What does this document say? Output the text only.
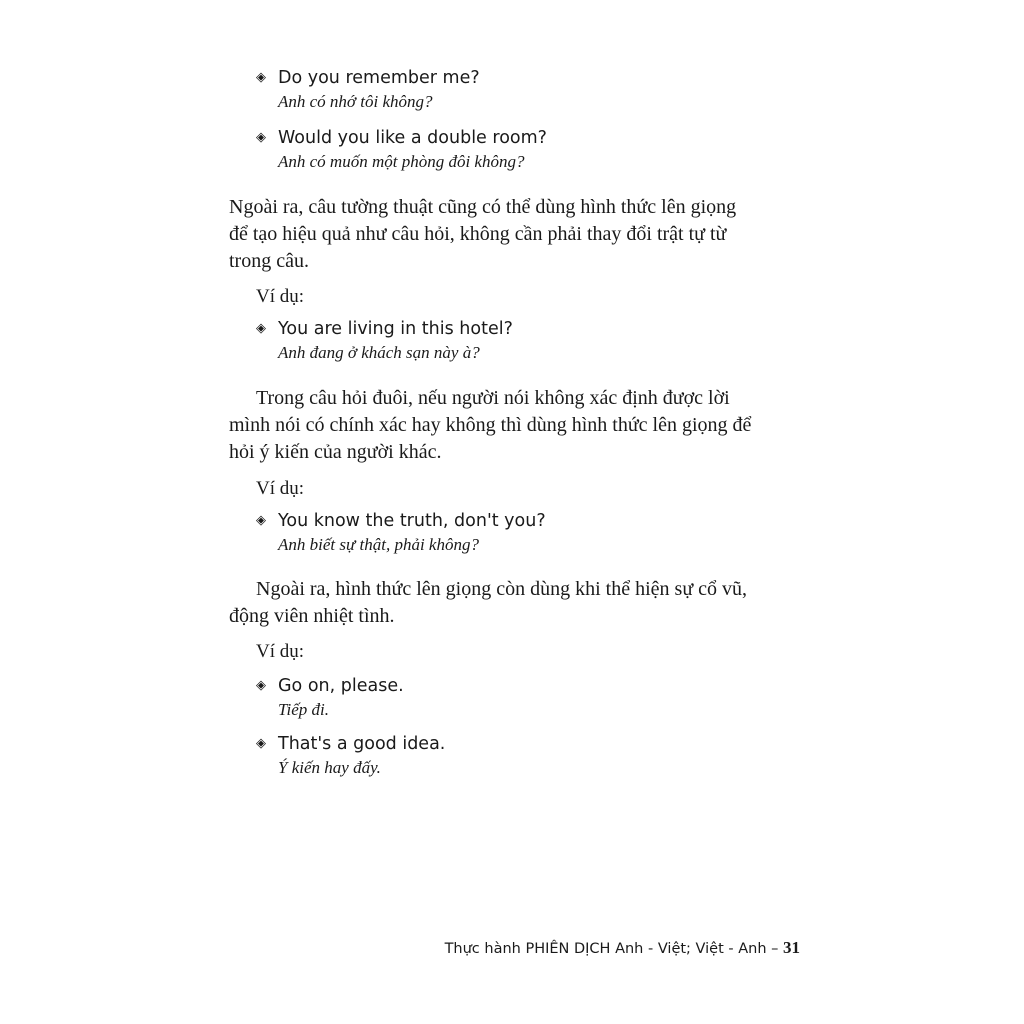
◈ Do you remember me?
Anh có nhớ tôi không?
◈ Would you like a double room?
Anh có muốn một phòng đôi không?

Ngoài ra, câu tường thuật cũng có thể dùng hình thức lên giọng

để tạo hiệu quả như câu hỏi, không cần phải thay đổi trật tự từ

trong câu.

Ví dụ:
◈ You are living in this hotel?
Anh đang ở khách sạn này à?

Trong câu hỏi đuôi, nếu người nói không xác định được lời

mình nói có chính xác hay không thì dùng hình thức lên giọng để

hỏi ý kiến của người khác.

Ví dụ:
◈ You know the truth, don't you?
Anh biết sự thật, phải không?

Ngoài ra, hình thức lên giọng còn dùng khi thể hiện sự cổ vũ,

động viên nhiệt tình.

Ví dụ:
◈ Go on, please.
Tiếp đi.
◈ That's a good idea.
Ý kiến hay đấy.
Thực hành PHIÊN DỊCH Anh - Việt; Việt - Anh – 31
